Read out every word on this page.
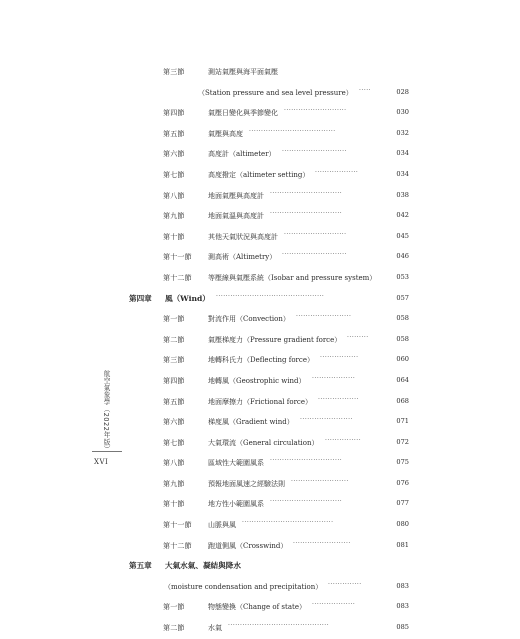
第三節	測站氣壓與海平面氣壓
（Station pressure and sea level pressure） ·····	028
第四節	氣壓日變化與季節變化 ··························	030
第五節	氣壓與高度 ····································	032
第六節	高度計（altimeter） ···························	034
第七節	高度撥定（altimeter setting） ··················	034
第八節	地面氣壓與高度計 ······························	038
第九節	地面氣溫與高度計 ······························	042
第十節	其他天氣狀況與高度計 ··························	045
第十一節 測高術（Altimetry） ···························	046
第十二節 等壓線與氣壓系統（Isobar and pressure system）	053
第四章 風（Wind） ·············································	057
第一節	對流作用（Convection） ·······················	058
第二節	氣壓梯度力（Pressure gradient force） ·········	058
第三節	地轉科氏力（Deflecting force） ················	060
第四節	地轉風（Geostrophic wind） ··················	064
第五節	地面摩擦力（Frictional force） ·················	068
第六節	梯度風（Gradient wind） ······················	071
第七節	大氣環流（General circulation） ···············	072
第八節	區域性大範圍風系 ······························	075
第九節	預報地面風速之經驗法則 ························	076
第十節	地方性小範圍風系 ······························	077
第十一節 山脈與風 ······································	080
第十二節 跑道側風（Crosswind） ························	081
第五章 大氣水氣、凝結與降水
（moisture condensation and precipitation） ··············	083
第一節	物態變換（Change of state） ··················	083
第二節	水氣 ··········································	085
航空氣象學（2022年版）
XVI
